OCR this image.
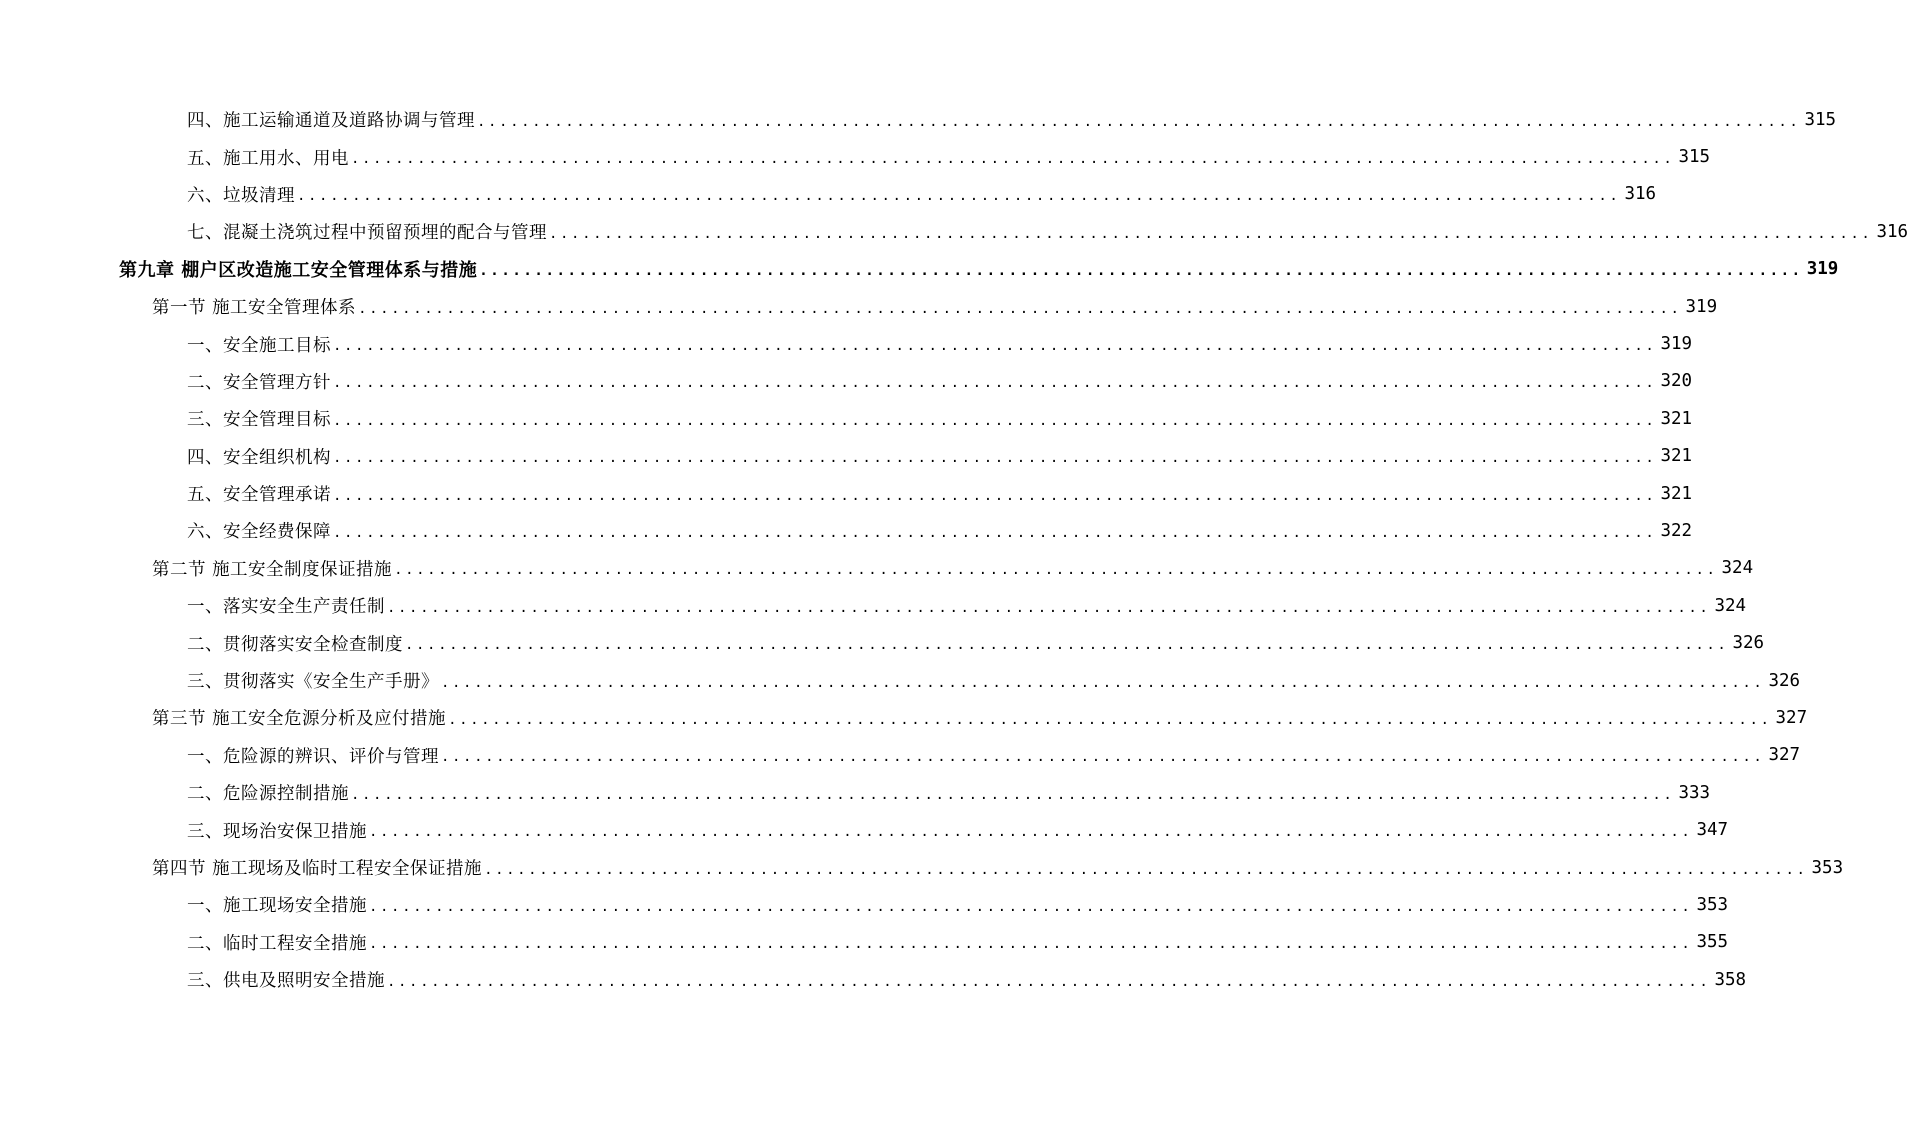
四、施工运输通道及道路协调与管理 ........................................................................................................................ 315
五、施工用水、用电 ........................................................................................................................ 315
六、垃圾清理 ........................................................................................................................ 316
七、混凝土浇筑过程中预留预埋的配合与管理 ........................................................................................................................ 316
第九章 棚户区改造施工安全管理体系与措施 ........................................................................................................................ 319
第一节 施工安全管理体系 ........................................................................................................................ 319
一、安全施工目标 ........................................................................................................................ 319
二、安全管理方针 ........................................................................................................................ 320
三、安全管理目标 ........................................................................................................................ 321
四、安全组织机构 ........................................................................................................................ 321
五、安全管理承诺 ........................................................................................................................ 321
六、安全经费保障 ........................................................................................................................ 322
第二节 施工安全制度保证措施 ........................................................................................................................ 324
一、落实安全生产责任制 ........................................................................................................................ 324
二、贯彻落实安全检查制度 ........................................................................................................................ 326
三、贯彻落实《安全生产手册》 ........................................................................................................................ 326
第三节 施工安全危源分析及应付措施 ........................................................................................................................ 327
一、危险源的辨识、评价与管理 ........................................................................................................................ 327
二、危险源控制措施 ........................................................................................................................ 333
三、现场治安保卫措施 ........................................................................................................................ 347
第四节 施工现场及临时工程安全保证措施 ........................................................................................................................ 353
一、施工现场安全措施 ........................................................................................................................ 353
二、临时工程安全措施 ........................................................................................................................ 355
三、供电及照明安全措施 ........................................................................................................................ 358
